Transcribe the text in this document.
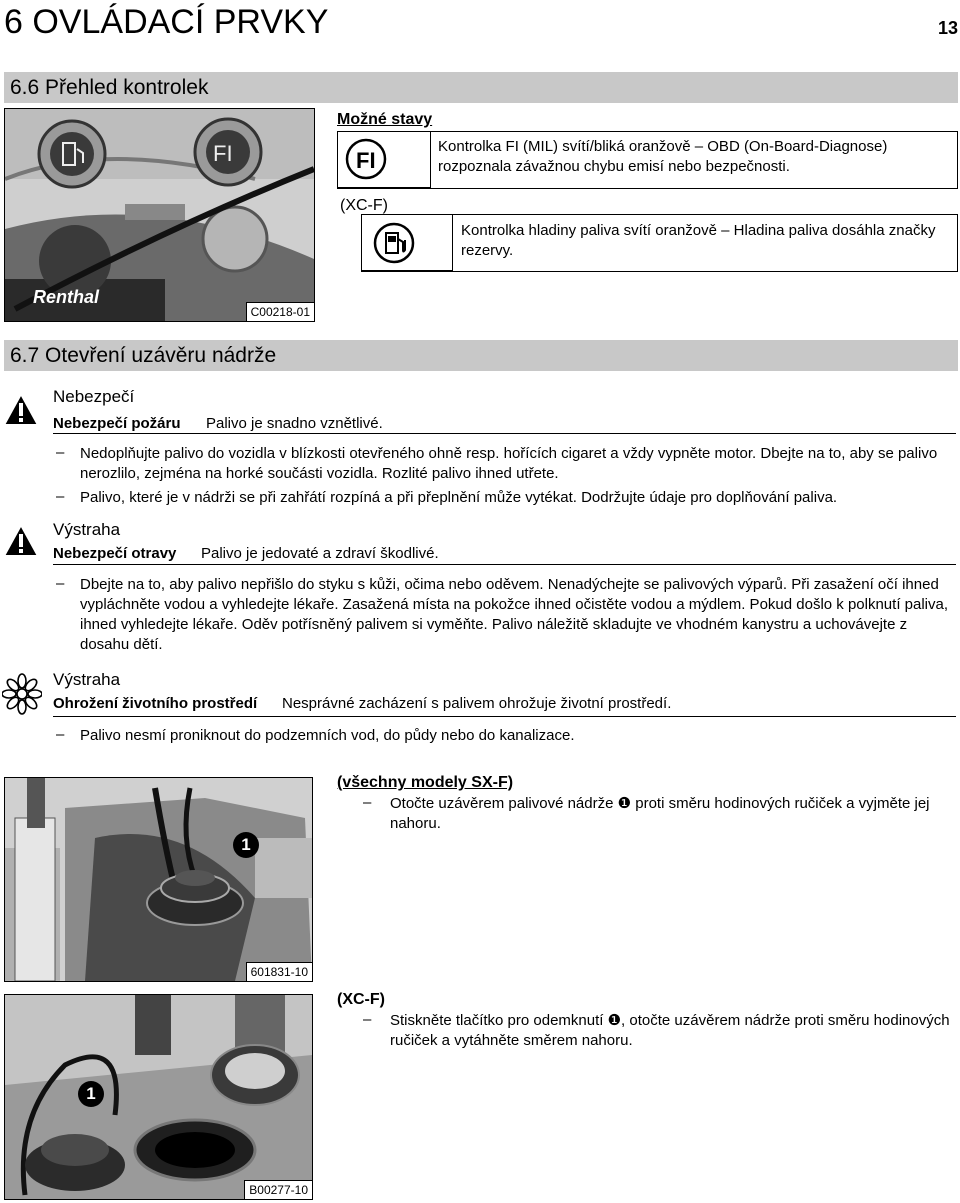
6 OVLÁDACÍ PRVKY	13
6.6 Přehled kontrolek
FI
Renthal
C00218-01
Možné stavy
FI
Kontrolka FI (MIL) svítí/bliká oranžově – OBD (On-Board-Diagnose) rozpoznala závažnou chybu emisí nebo bezpečnosti.
(XC-F)
Kontrolka hladiny paliva svítí oranžově – Hladina paliva dosáhla značky rezervy.
6.7 Otevření uzávěru nádrže
Nebezpečí
Nebezpečí požáru Palivo je snadno vznětlivé.
– Nedoplňujte palivo do vozidla v blízkosti otevřeného ohně resp. hořících cigaret a vždy vypněte motor. Dbejte na to, aby se palivo nerozlilo, zejména na horké součásti vozidla. Rozlité palivo ihned utřete.
– Palivo, které je v nádrži se při zahřátí rozpíná a při přeplnění může vytékat. Dodržujte údaje pro doplňování paliva.
Výstraha
Nebezpečí otravy Palivo je jedovaté a zdraví škodlivé.
– Dbejte na to, aby palivo nepřišlo do styku s kůži, očima nebo oděvem. Nenadýchejte se palivových výparů. Při zasažení očí ihned vypláchněte vodou a vyhledejte lékaře. Zasažená místa na pokožce ihned očistěte vodou a mýdlem. Pokud došlo k polknutí paliva, ihned vyhledejte lékaře. Oděv potřísněný palivem si vyměňte. Palivo náležitě skladujte ve vhodném kanystru a uchovávejte z dosahu dětí.
Výstraha
Ohrožení životního prostředí Nesprávné zacházení s palivem ohrožuje životní prostředí.
– Palivo nesmí proniknout do podzemních vod, do půdy nebo do kanalizace.
1
601831-10
(všechny modely SX-F)
– Otočte uzávěrem palivové nádrže ❶ proti směru hodinových ručiček a vyjměte jej nahoru.
1
B00277-10
(XC-F)
– Stiskněte tlačítko pro odemknutí ❶, otočte uzávěrem nádrže proti směru hodinových ručiček a vytáhněte směrem nahoru.
